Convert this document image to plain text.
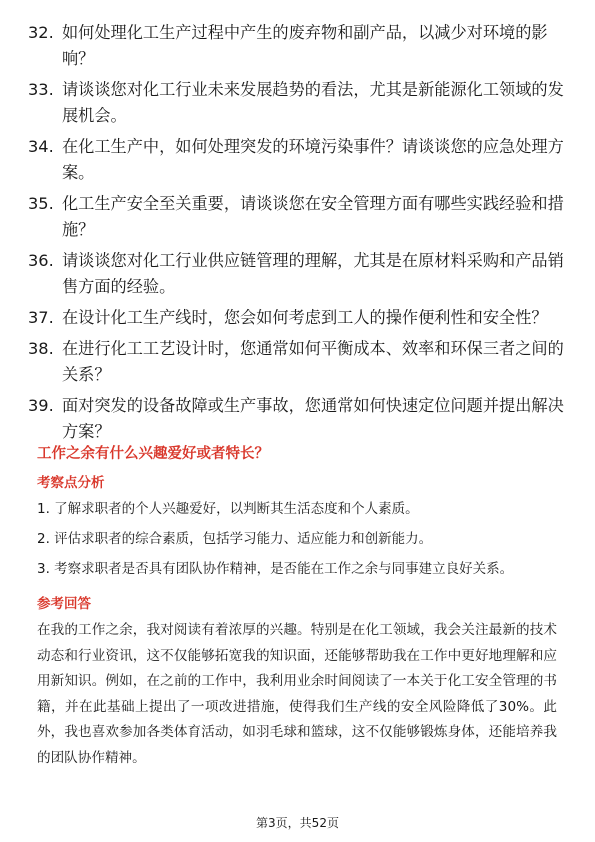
32. 如何处理化工生产过程中产生的废弃物和副产品，以减少对环境的影响？
33. 请谈谈您对化工行业未来发展趋势的看法，尤其是新能源化工领域的发展机会。
34. 在化工生产中，如何处理突发的环境污染事件？请谈谈您的应急处理方案。
35. 化工生产安全至关重要，请谈谈您在安全管理方面有哪些实践经验和措施？
36. 请谈谈您对化工行业供应链管理的理解，尤其是在原材料采购和产品销售方面的经验。
37. 在设计化工生产线时，您会如何考虑到工人的操作便利性和安全性？
38. 在进行化工工艺设计时，您通常如何平衡成本、效率和环保三者之间的关系？
39. 面对突发的设备故障或生产事故，您通常如何快速定位问题并提出解决方案？
工作之余有什么兴趣爱好或者特长？
考察点分析
1. 了解求职者的个人兴趣爱好，以判断其生活态度和个人素质。
2. 评估求职者的综合素质，包括学习能力、适应能力和创新能力。
3. 考察求职者是否具有团队协作精神，是否能在工作之余与同事建立良好关系。
参考回答
在我的工作之余，我对阅读有着浓厚的兴趣。特别是在化工领域，我会关注最新的技术动态和行业资讯，这不仅能够拓宽我的知识面，还能够帮助我在工作中更好地理解和应用新知识。例如，在之前的工作中，我利用业余时间阅读了一本关于化工安全管理的书籍，并在此基础上提出了一项改进措施，使得我们生产线的安全风险降低了30%。此外，我也喜欢参加各类体育活动，如羽毛球和篮球，这不仅能够锻炼身体，还能培养我的团队协作精神。
第3页，共52页
